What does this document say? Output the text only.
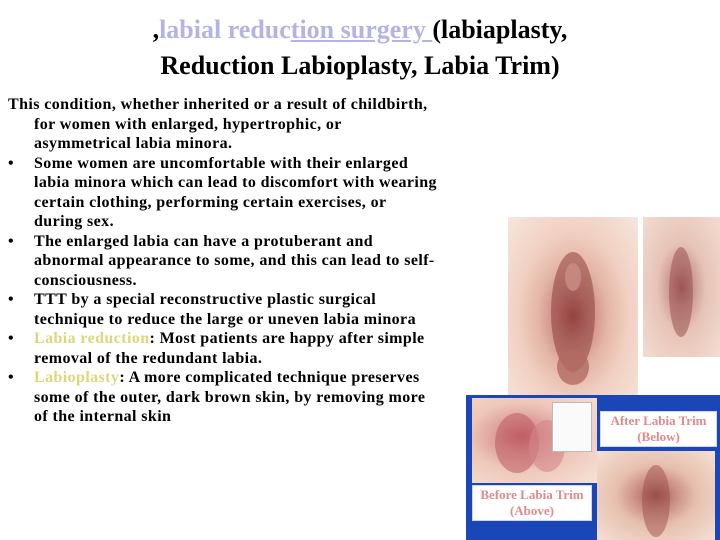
,labial reduction surgery (labiaplasty,
Reduction Labioplasty, Labia Trim)

This condition, whether inherited or a result of childbirth, for women with enlarged, hypertrophic, or asymmetrical labia minora.

• Some women are uncomfortable with their enlarged labia minora which can lead to discomfort with wearing certain clothing, performing certain exercises, or during sex.
• The enlarged labia can have a protuberant and abnormal appearance to some, and this can lead to self-consciousness.
• TTT by a special reconstructive plastic surgical technique to reduce the large or uneven labia minora
• Labia reduction: Most patients are happy after simple removal of the redundant labia.
• Labioplasty: A more complicated technique preserves some of the outer, dark brown skin, by removing more of the internal skin	After Labia Trim (Below)
Before Labia Trim (Above)
